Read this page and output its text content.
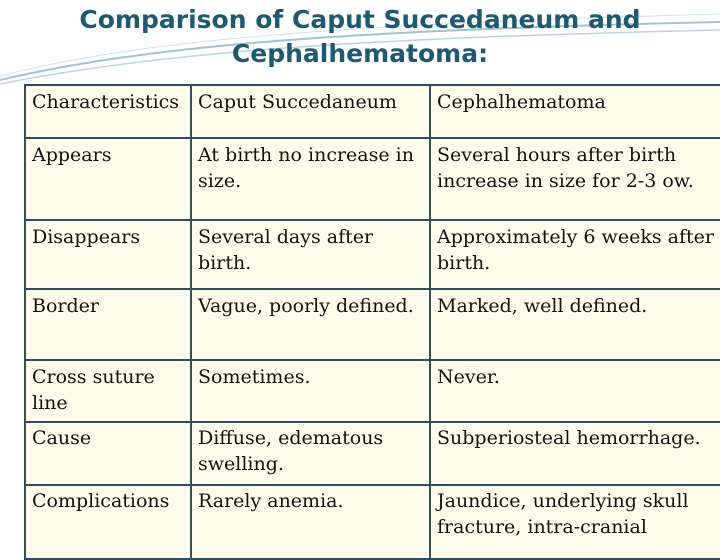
Comparison of Caput Succedaneum and
Cephalhematoma:
Characteristics	Caput Succedaneum	Cephalhematoma
Appears	At birth no increase in size.	Several hours after birth increase in size for 2-3 ow.
Disappears	Several days after birth.	Approximately 6 weeks after birth.
Border	Vague, poorly defined.	Marked, well defined.
Cross suture line	Sometimes.	Never.
Cause	Diffuse, edematous swelling.	Subperiosteal hemorrhage.
Complications	Rarely anemia.	Jaundice, underlying skull fracture, intra-cranial
